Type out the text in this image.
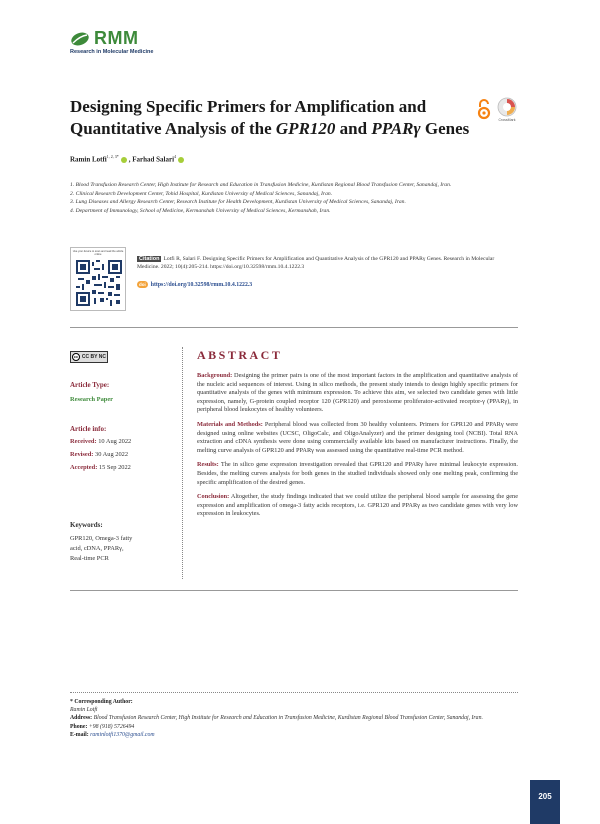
RMM
Research in Molecular Medicine
Designing Specific Primers for Amplification and Quantitative Analysis of the GPR120 and PPARγ Genes	CrossMark
Ramin Lotfi$^{1, 2, 3*}$ , Farhad Salari$^4$
1. Blood Transfusion Research Center, High Institute for Research and Education in Transfusion Medicine, Kurdistan Regional Blood Transfusion Center, Sanandaj, Iran.
2. Clinical Research Development Center, Tohid Hospital, Kurdistan University of Medical Sciences, Sanandaj, Iran.
3. Lung Diseases and Allergy Research Center, Research Institute for Health Development, Kurdistan University of Medical Sciences, Sanandaj, Iran.
4. Department of Immunology, School of Medicine, Kermanshah University of Medical Sciences, Kermanshah, Iran.
Use your device to scan and read the article online
Citation Lotfi R, Salari F. Designing Specific Primers for Amplification and Quantitative Analysis of the GPR120 and PPARγ Genes. Research in Molecular Medicine. 2022; 10(4):205-214. https://doi.org/10.32598/rmm.10.4.1222.3
doi https://doi.org/10.32598/rmm.10.4.1222.3
cc CC BY NC
Article Type:
Research Paper
Article info:
Received: 10 Aug 2022
Revised: 30 Aug 2022
Accepted: 15 Sep 2022
Keywords:
GPR120, Omega-3 fatty
acid, cDNA, PPARγ,
Real-time PCR
ABSTRACT

Background: Designing the primer pairs is one of the most important factors in the amplification and quantitative analysis of the nucleic acid sequences of interest. Using in silico methods, the present study intends to design highly specific primers for quantitative analysis of the genes with minimum expression. To achieve this aim, we selected two candidate genes with little expression, namely, G-protein coupled receptor 120 (GPR120) and peroxisome proliferator-activated receptor-γ (PPARγ), in peripheral blood leukocytes of healthy volunteers.

Materials and Methods: Peripheral blood was collected from 30 healthy volunteers. Primers for GPR120 and PPARγ were designed using online websites (UCSC, OligoCalc, and OligoAnalyzer) and the primer designing tool (NCBI). Total RNA extraction and cDNA synthesis were done using commercially available kits based on manufacturer instructions. Finally, the melting curve analysis of GPR120 and PPARγ was assessed using the quantitative real-time PCR method.

Results: The in silico gene expression investigation revealed that GPR120 and PPARγ have minimal leukocyte expression. Besides, the melting curves analysis for both genes in the studied individuals showed only one melting peak, confirming the specific amplification of the desired genes.

Conclusion: Altogether, the study findings indicated that we could utilize the peripheral blood sample for assessing the gene expression and amplification of omega-3 fatty acids receptors, i.e. GPR120 and PPARγ as two candidate genes with very low expression in leukocytes.

* Corresponding Author:
Ramin Lotfi
Address: Blood Transfusion Research Center, High Institute for Research and Education in Transfusion Medicine, Kurdistan Regional Blood Transfusion Center, Sanandaj, Iran.
Phone: +98 (918) 5726494
E-mail: raminlotfi1370@gmail.com
205
